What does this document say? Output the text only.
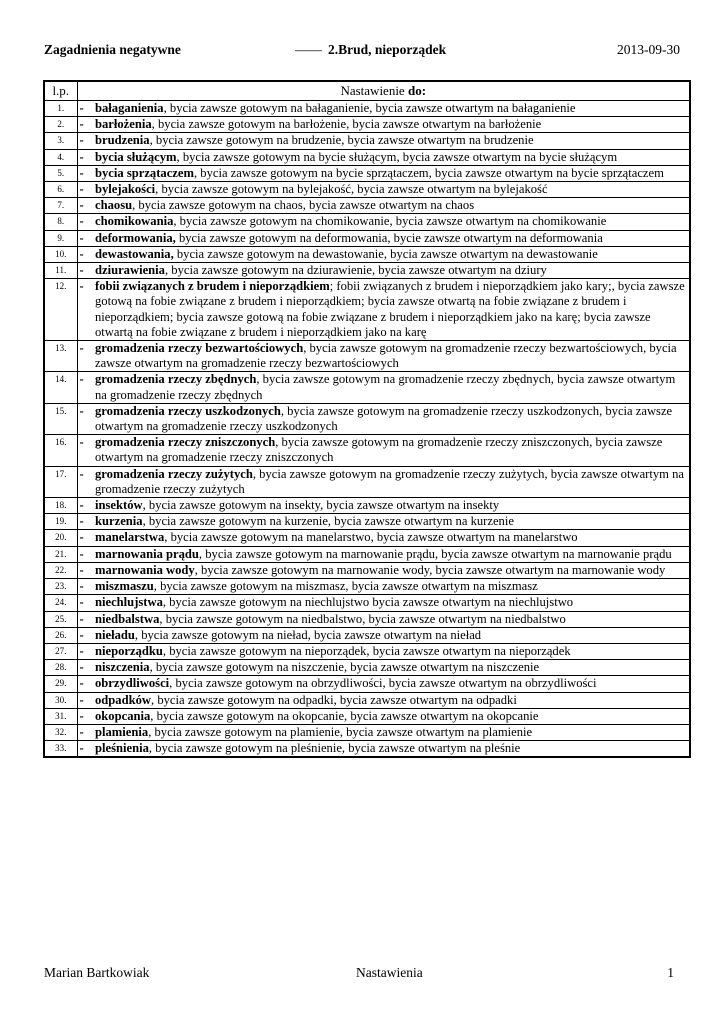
Zagadnienia negatywne	—— 2.Brud, nieporządek	2013-09-30
l.p.	Nastawienie do:	
1.	-	bałaganienia, bycia zawsze gotowym na bałaganienie, bycia zawsze otwartym na bałaganienie
2.	-	barłożenia, bycia zawsze gotowym na barłożenie, bycia zawsze otwartym na barłożenie
3.	-	brudzenia, bycia zawsze gotowym na brudzenie, bycia zawsze otwartym na brudzenie
4.	-	bycia służącym, bycia zawsze gotowym na bycie służącym, bycia zawsze otwartym na bycie służącym
5.	-	bycia sprzątaczem, bycia zawsze gotowym na bycie sprzątaczem, bycia zawsze otwartym na bycie sprzątaczem
6.	-	bylejakości, bycia zawsze gotowym na bylejakość, bycia zawsze otwartym na bylejakość
7.	-	chaosu, bycia zawsze gotowym na chaos, bycia zawsze otwartym na chaos
8.	-	chomikowania, bycia zawsze gotowym na chomikowanie, bycia zawsze otwartym na chomikowanie
9.	-	deformowania, bycia zawsze gotowym na deformowania, bycie zawsze otwartym na deformowania
10.	-	dewastowania, bycia zawsze gotowym na dewastowanie, bycia zawsze otwartym na dewastowanie
11.	-	dziurawienia, bycia zawsze gotowym na dziurawienie, bycia zawsze otwartym na dziury
12.	-	fobii związanych z brudem i nieporządkiem; fobii związanych z brudem i nieporządkiem jako kary;, bycia zawsze gotową na fobie związane z brudem i nieporządkiem; bycia zawsze otwartą na fobie związane z brudem i nieporządkiem; bycia zawsze gotową na fobie związane z brudem i nieporządkiem jako na karę; bycia zawsze otwartą na fobie związane z brudem i nieporządkiem jako na karę
13.	-	gromadzenia rzeczy bezwartościowych, bycia zawsze gotowym na gromadzenie rzeczy bezwartościowych, bycia zawsze otwartym na gromadzenie rzeczy bezwartościowych
14.	-	gromadzenia rzeczy zbędnych, bycia zawsze gotowym na gromadzenie rzeczy zbędnych, bycia zawsze otwartym na gromadzenie rzeczy zbędnych
15.	-	gromadzenia rzeczy uszkodzonych, bycia zawsze gotowym na gromadzenie rzeczy uszkodzonych, bycia zawsze otwartym na gromadzenie rzeczy uszkodzonych
16.	-	gromadzenia rzeczy zniszczonych, bycia zawsze gotowym na gromadzenie rzeczy zniszczonych, bycia zawsze otwartym na gromadzenie rzeczy zniszczonych
17.	-	gromadzenia rzeczy zużytych, bycia zawsze gotowym na gromadzenie rzeczy zużytych, bycia zawsze otwartym na gromadzenie rzeczy zużytych
18.	-	insektów, bycia zawsze gotowym na insekty, bycia zawsze otwartym na insekty
19.	-	kurzenia, bycia zawsze gotowym na kurzenie, bycia zawsze otwartym na kurzenie
20.	-	manelarstwa, bycia zawsze gotowym na manelarstwo, bycia zawsze otwartym na manelarstwo
21.	-	marnowania prądu, bycia zawsze gotowym na marnowanie prądu, bycia zawsze otwartym na marnowanie prądu
22.	-	marnowania wody, bycia zawsze gotowym na marnowanie wody, bycia zawsze otwartym na marnowanie wody
23.	-	miszmaszu, bycia zawsze gotowym na miszmasz, bycia zawsze otwartym na miszmasz
24.	-	niechlujstwa, bycia zawsze gotowym na niechlujstwo bycia zawsze otwartym na niechlujstwo
25.	-	niedbalstwa, bycia zawsze gotowym na niedbalstwo, bycia zawsze otwartym na niedbalstwo
26.	-	nieładu, bycia zawsze gotowym na nieład, bycia zawsze otwartym na nieład
27.	-	nieporządku, bycia zawsze gotowym na nieporządek, bycia zawsze otwartym na nieporządek
28.	-	niszczenia, bycia zawsze gotowym na niszczenie, bycia zawsze otwartym na niszczenie
29.	-	obrzydliwości, bycia zawsze gotowym na obrzydliwości, bycia zawsze otwartym na obrzydliwości
30.	-	odpadków, bycia zawsze gotowym na odpadki, bycia zawsze otwartym na odpadki
31.	-	okopcania, bycia zawsze gotowym na okopcanie, bycia zawsze otwartym na okopcanie
32.	-	plamienia, bycia zawsze gotowym na plamienie, bycia zawsze otwartym na plamienie
33.	-	pleśnienia, bycia zawsze gotowym na pleśnienie, bycia zawsze otwartym na pleśnie
Marian Bartkowiak	Nastawienia	1
